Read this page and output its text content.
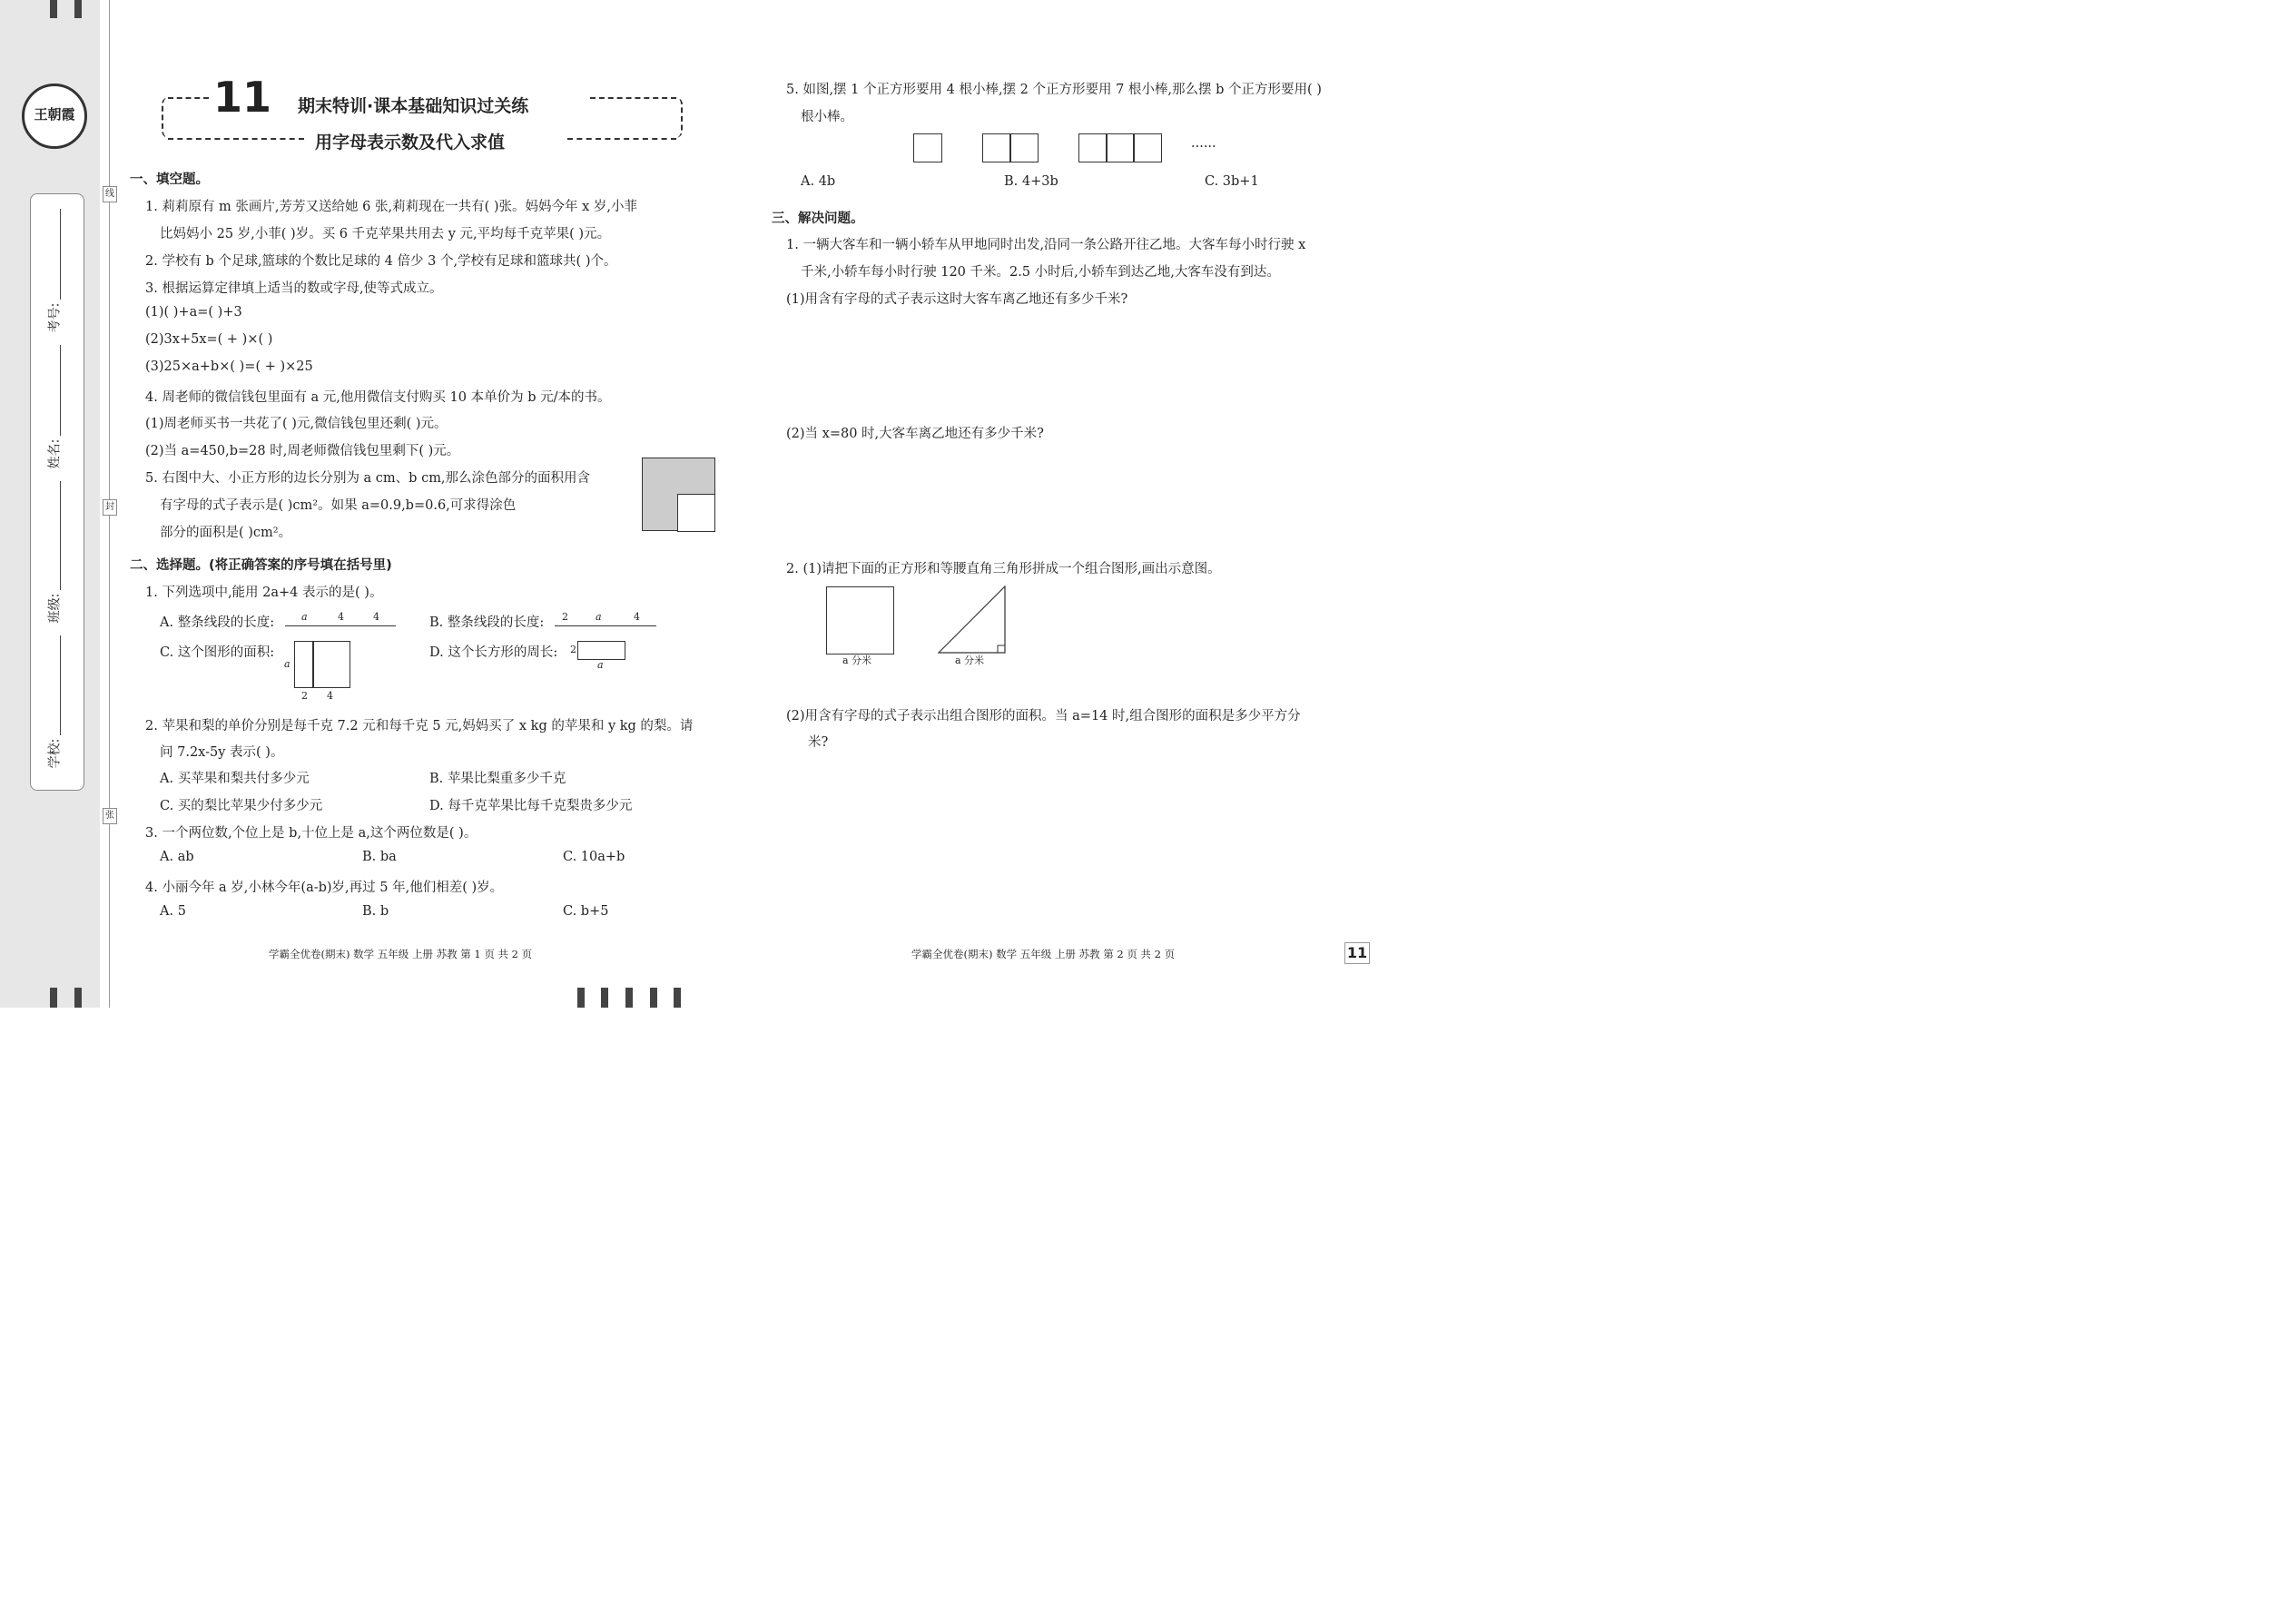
王朝霞
考号:
姓名:
班级:
学校:
线
封
张
11 期末特训·课本基础知识过关练
用字母表示数及代入求值
一、填空题。
1. 莉莉原有 m 张画片,芳芳又送给她 6 张,莉莉现在一共有( )张。妈妈今年 x 岁,小菲
比妈妈小 25 岁,小菲( )岁。买 6 千克苹果共用去 y 元,平均每千克苹果( )元。
2. 学校有 b 个足球,篮球的个数比足球的 4 倍少 3 个,学校有足球和篮球共( )个。
3. 根据运算定律填上适当的数或字母,使等式成立。
(1)( )+a=( )+3
(2)3x+5x=( + )×( )
(3)25×a+b×( )=( + )×25
4. 周老师的微信钱包里面有 a 元,他用微信支付购买 10 本单价为 b 元/本的书。
(1)周老师买书一共花了( )元,微信钱包里还剩( )元。
(2)当 a=450,b=28 时,周老师微信钱包里剩下( )元。
5. 右图中大、小正方形的边长分别为 a cm、b cm,那么涂色部分的面积用含
有字母的式子表示是( )cm²。如果 a=0.9,b=0.6,可求得涂色
部分的面积是( )cm²。
二、选择题。(将正确答案的序号填在括号里)
1. 下列选项中,能用 2a+4 表示的是( )。
A. 整条线段的长度:	a	4	4	B. 整条线段的长度: 2	a	4
C. 这个图形的面积:
a
2 4
D. 这个长方形的周长: 2
a
2. 苹果和梨的单价分别是每千克 7.2 元和每千克 5 元,妈妈买了 x kg 的苹果和 y kg 的梨。请
问 7.2x-5y 表示( )。
A. 买苹果和梨共付多少元	B. 苹果比梨重多少千克
C. 买的梨比苹果少付多少元	D. 每千克苹果比每千克梨贵多少元
3. 一个两位数,个位上是 b,十位上是 a,这个两位数是( )。
A. ab	B. ba	C. 10a+b
4. 小丽今年 a 岁,小林今年(a-b)岁,再过 5 年,他们相差( )岁。
A. 5	B. b	C. b+5
学霸全优卷(期末) 数学 五年级 上册 苏教 第 1 页 共 2 页
5. 如图,摆 1 个正方形要用 4 根小棒,摆 2 个正方形要用 7 根小棒,那么摆 b 个正方形要用( )
根小棒。
......
A. 4b	B. 4+3b	C. 3b+1
三、解决问题。
1. 一辆大客车和一辆小轿车从甲地同时出发,沿同一条公路开往乙地。大客车每小时行驶 x
千米,小轿车每小时行驶 120 千米。2.5 小时后,小轿车到达乙地,大客车没有到达。
(1)用含有字母的式子表示这时大客车离乙地还有多少千米?
(2)当 x=80 时,大客车离乙地还有多少千米?
2. (1)请把下面的正方形和等腰直角三角形拼成一个组合图形,画出示意图。
a 分米	a 分米
(2)用含有字母的式子表示出组合图形的面积。当 a=14 时,组合图形的面积是多少平方分
米?
学霸全优卷(期末) 数学 五年级 上册 苏教 第 2 页 共 2 页	11
